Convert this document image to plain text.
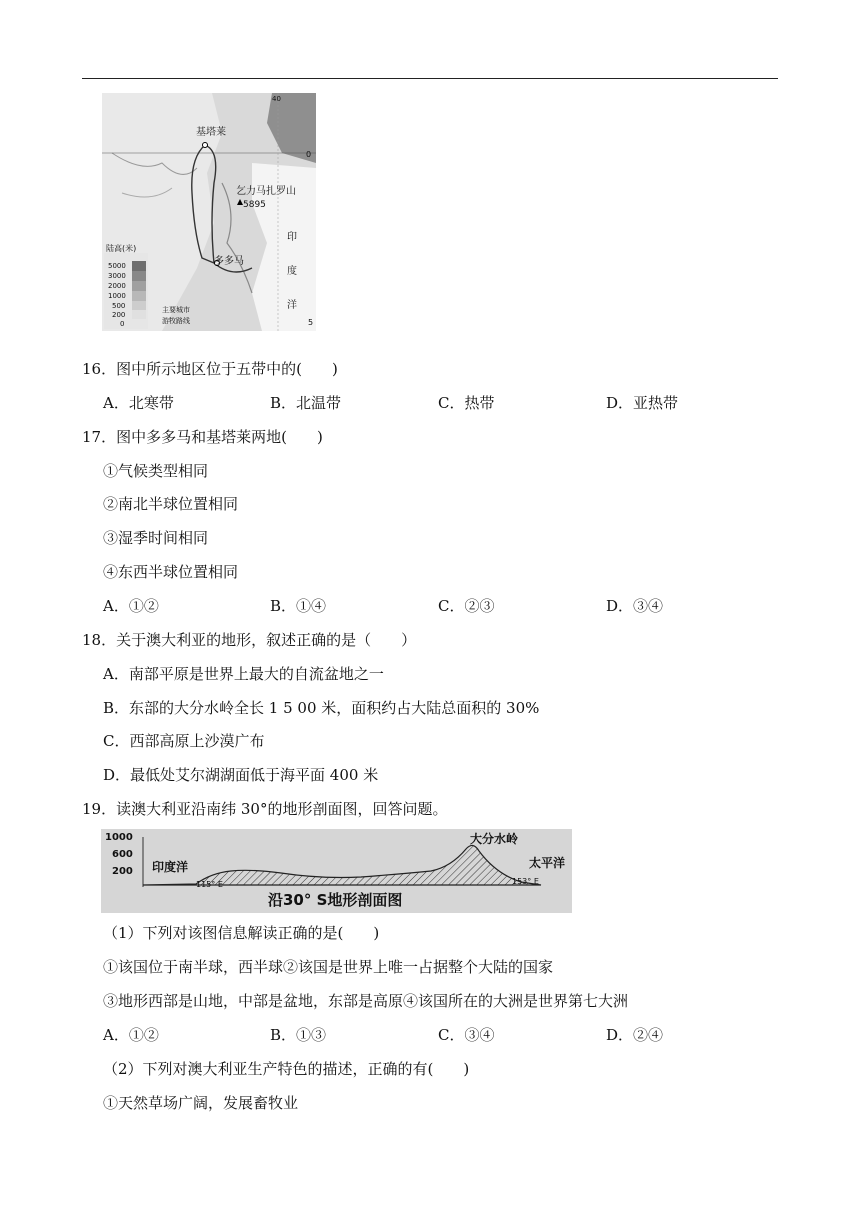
基塔莱
多多马
乞力马扎罗山
5895
印
度
洋
陆高(米)
5000
3000
2000
1000
500
200
0
主要城市
游牧路线
0
5
40
16．图中所示地区位于五带中的(　　)
A．北寒带	B．北温带	C．热带	D．亚热带
17．图中多多马和基塔莱两地(　　)
①气候类型相同
②南北半球位置相同
③湿季时间相同
④东西半球位置相同
A．①②	B．①④	C．②③	D．③④
18．关于澳大利亚的地形，叙述正确的是（　　）
A．南部平原是世界上最大的自流盆地之一
B．东部的大分水岭全长 1 5 00 米，面积约占大陆总面积的 30%
C．西部高原上沙漠广布
D．最低处艾尔湖湖面低于海平面 400 米
19．读澳大利亚沿南纬 30°的地形剖面图，回答问题。
1000
600
200 印度洋	太平洋
大分水岭
115° E	153° E
沿30° S地形剖面图
（1）下列对该图信息解读正确的是(　　)
①该国位于南半球，西半球②该国是世界上唯一占据整个大陆的国家
③地形西部是山地，中部是盆地，东部是高原④该国所在的大洲是世界第七大洲
A．①②	B．①③	C．③④	D．②④
（2）下列对澳大利亚生产特色的描述，正确的有(　　)
①天然草场广阔，发展畜牧业
